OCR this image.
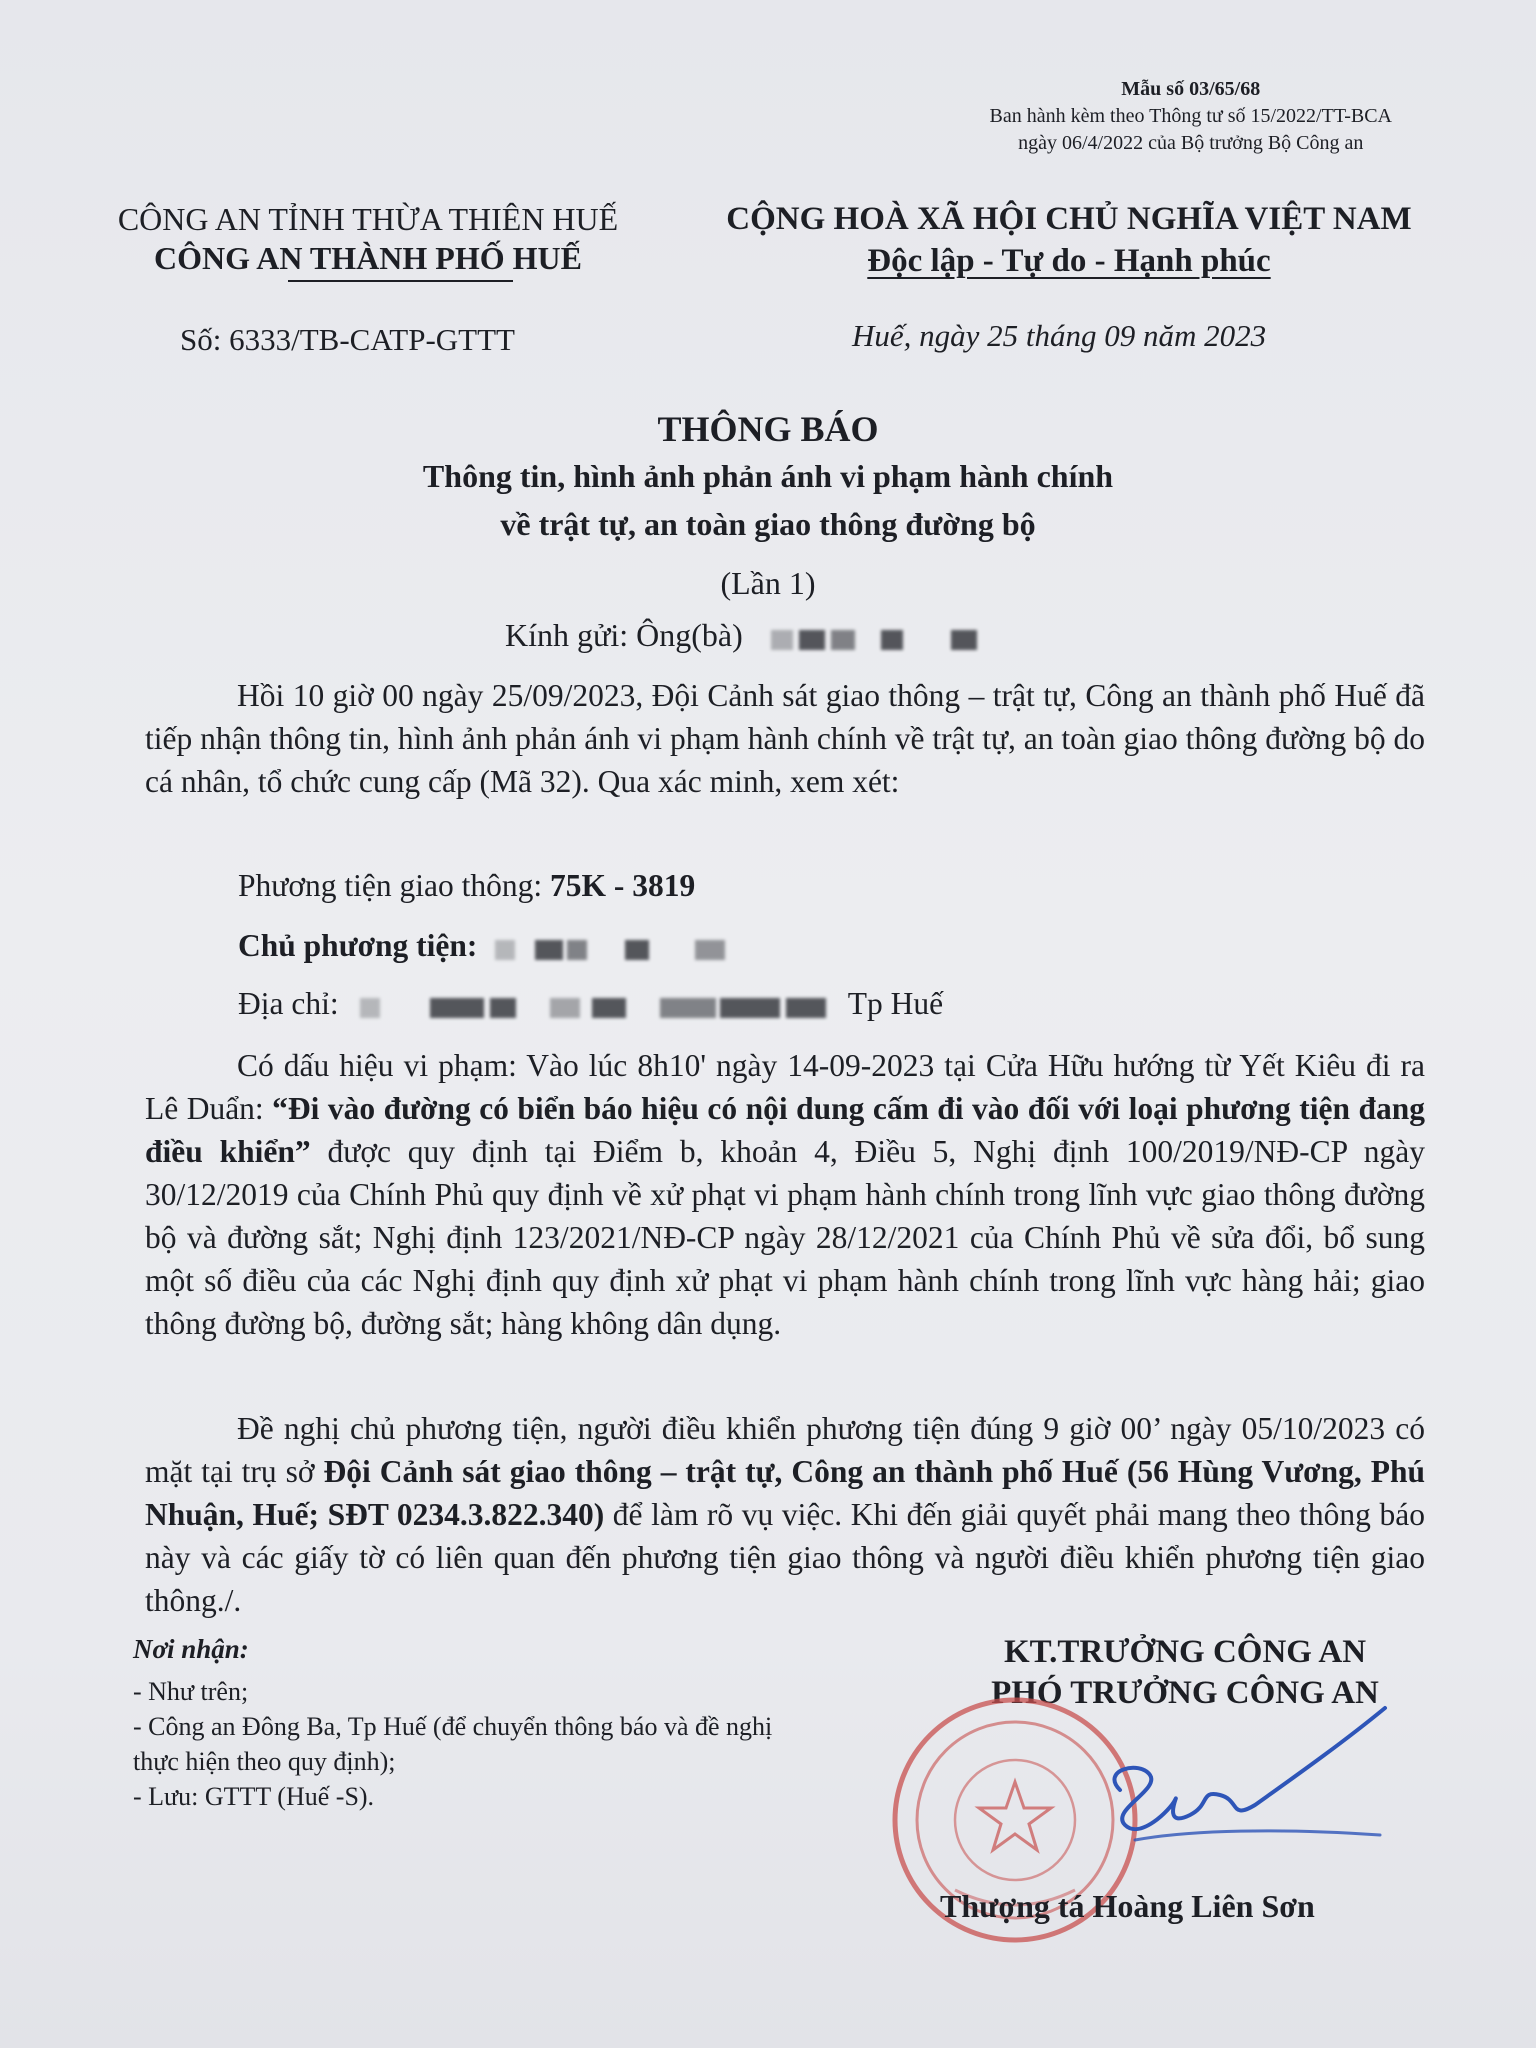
Mẫu số 03/65/68
Ban hành kèm theo Thông tư số 15/2022/TT-BCA
ngày 06/4/2022 của Bộ trưởng Bộ Công an
CÔNG AN TỈNH THỪA THIÊN HUẾ
CÔNG AN THÀNH PHỐ HUẾ
CỘNG HOÀ XÃ HỘI CHỦ NGHĨA VIỆT NAM
Độc lập - Tự do - Hạnh phúc
Số: 6333/TB-CATP-GTTT	Huế, ngày 25 tháng 09 năm 2023
THÔNG BÁO
Thông tin, hình ảnh phản ánh vi phạm hành chính
về trật tự, an toàn giao thông đường bộ
(Lần 1)
Kính gửi: Ông(bà)
Hồi 10 giờ 00 ngày 25/09/2023, Đội Cảnh sát giao thông – trật tự, Công an thành phố Huế đã tiếp nhận thông tin, hình ảnh phản ánh vi phạm hành chính về trật tự, an toàn giao thông đường bộ do cá nhân, tổ chức cung cấp (Mã 32). Qua xác minh, xem xét:
Phương tiện giao thông: 75K - 3819
Chủ phương tiện:
Địa chỉ:	Tp Huế
Có dấu hiệu vi phạm: Vào lúc 8h10' ngày 14-09-2023 tại Cửa Hữu hướng từ Yết Kiêu đi ra Lê Duẩn: “Đi vào đường có biển báo hiệu có nội dung cấm đi vào đối với loại phương tiện đang điều khiển” được quy định tại Điểm b, khoản 4, Điều 5, Nghị định 100/2019/NĐ-CP ngày 30/12/2019 của Chính Phủ quy định về xử phạt vi phạm hành chính trong lĩnh vực giao thông đường bộ và đường sắt; Nghị định 123/2021/NĐ-CP ngày 28/12/2021 của Chính Phủ về sửa đổi, bổ sung một số điều của các Nghị định quy định xử phạt vi phạm hành chính trong lĩnh vực hàng hải; giao thông đường bộ, đường sắt; hàng không dân dụng.
Đề nghị chủ phương tiện, người điều khiển phương tiện đúng 9 giờ 00’ ngày 05/10/2023 có mặt tại trụ sở Đội Cảnh sát giao thông – trật tự, Công an thành phố Huế (56 Hùng Vương, Phú Nhuận, Huế; SĐT 0234.3.822.340) để làm rõ vụ việc. Khi đến giải quyết phải mang theo thông báo này và các giấy tờ có liên quan đến phương tiện giao thông và người điều khiển phương tiện giao thông./.
Nơi nhận:
- Như trên;
- Công an Đông Ba, Tp Huế (để chuyển thông báo và đề nghị thực hiện theo quy định);
- Lưu: GTTT (Huế -S).
KT.TRƯỞNG CÔNG AN
PHÓ TRƯỞNG CÔNG AN
Thượng tá Hoàng Liên Sơn
